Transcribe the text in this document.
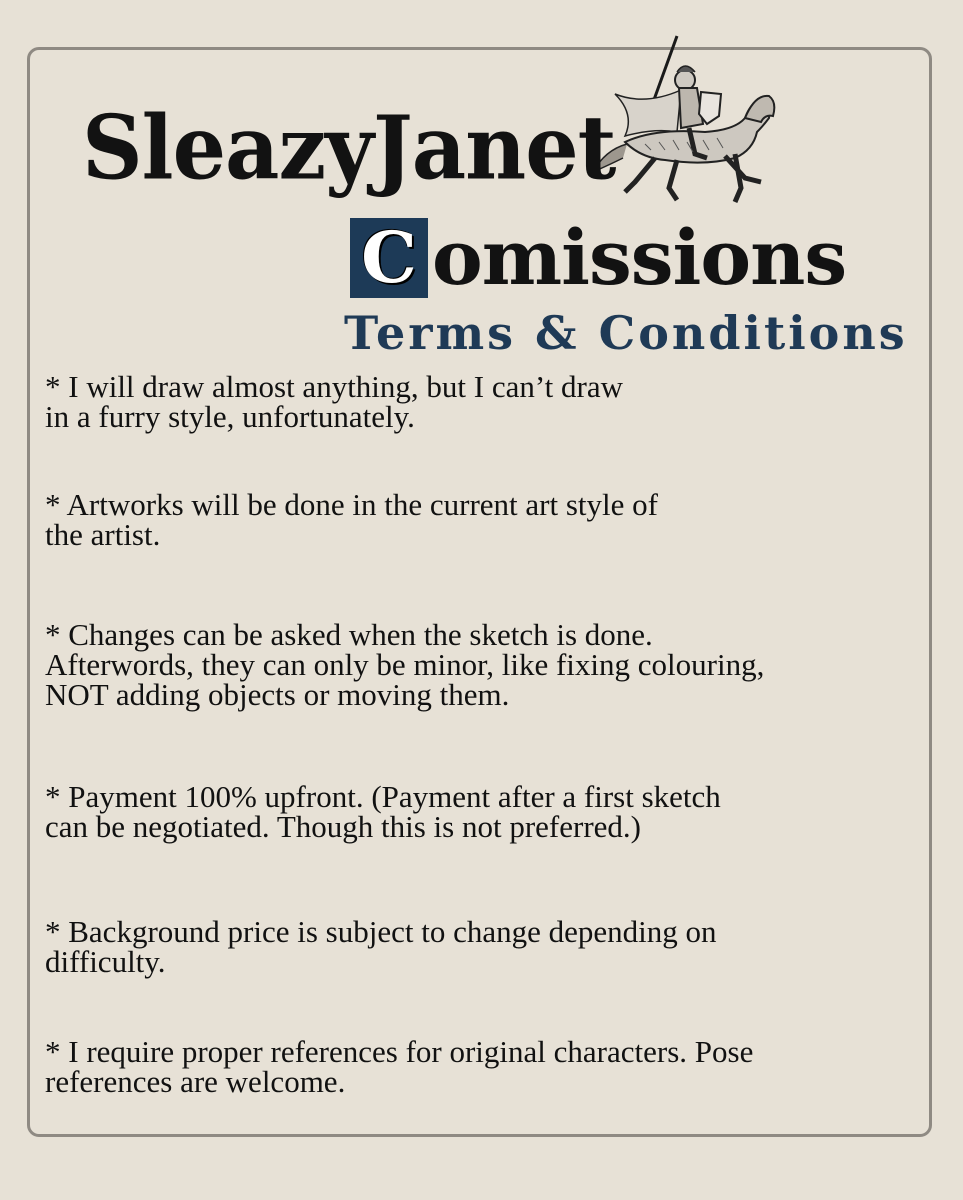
SleazyJanet
C omissions
Terms & Conditions
* I will draw almost anything, but I can’t draw
in a furry style, unfortunately.
* Artworks will be done in the current art style of
the artist.
* Changes can be asked when the sketch is done.
Afterwords, they can only be minor, like fixing colouring,
NOT adding objects or moving them.
* Payment 100% upfront. (Payment after a first sketch
can be negotiated. Though this is not preferred.)
* Background price is subject to change depending on
difficulty.
* I require proper references for original characters. Pose
references are welcome.
